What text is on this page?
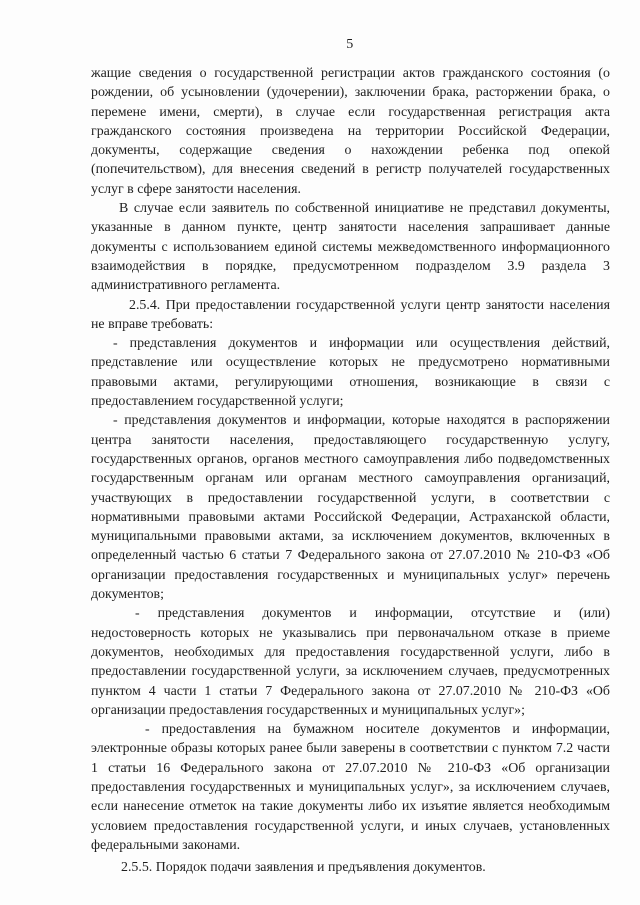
5

жащие сведения о государственной регистрации актов гражданского состояния (о рождении, об усыновлении (удочерении), заключении брака, расторжении брака, о перемене имени, смерти), в случае если государственная регистрация акта гражданского состояния произведена на территории Российской Федерации, документы, содержащие сведения о нахождении ребенка под опекой (попечительством), для внесения сведений в регистр получателей государственных услуг в сфере занятости населения.

В случае если заявитель по собственной инициативе не представил документы, указанные в данном пункте, центр занятости населения запрашивает данные документы с использованием единой системы межведомственного информационного взаимодействия в порядке, предусмотренном подразделом 3.9 раздела 3 административного регламента.

2.5.4. При предоставлении государственной услуги центр занятости населения не вправе требовать:

- представления документов и информации или осуществления действий, представление или осуществление которых не предусмотрено нормативными правовыми актами, регулирующими отношения, возникающие в связи с предоставлением государственной услуги;

- представления документов и информации, которые находятся в распоряжении центра занятости населения, предоставляющего государственную услугу, государственных органов, органов местного самоуправления либо подведомственных государственным органам или органам местного самоуправления организаций, участвующих в предоставлении государственной услуги, в соответствии с нормативными правовыми актами Российской Федерации, Астраханской области, муниципальными правовыми актами, за исключением документов, включенных в определенный частью 6 статьи 7 Федерального закона от 27.07.2010 № 210-ФЗ «Об организации предоставления государственных и муниципальных услуг» перечень документов;

- представления документов и информации, отсутствие и (или) недостоверность которых не указывались при первоначальном отказе в приеме документов, необходимых для предоставления государственной услуги, либо в предоставлении государственной услуги, за исключением случаев, предусмотренных пунктом 4 части 1 статьи 7 Федерального закона от 27.07.2010 № 210-ФЗ «Об организации предоставления государственных и муниципальных услуг»;

- предоставления на бумажном носителе документов и информации, электронные образы которых ранее были заверены в соответствии с пунктом 7.2 части 1 статьи 16 Федерального закона от 27.07.2010 № 210-ФЗ «Об организации предоставления государственных и муниципальных услуг», за исключением случаев, если нанесение отметок на такие документы либо их изъятие является необходимым условием предоставления государственной услуги, и иных случаев, установленных федеральными законами.

2.5.5. Порядок подачи заявления и предъявления документов.
